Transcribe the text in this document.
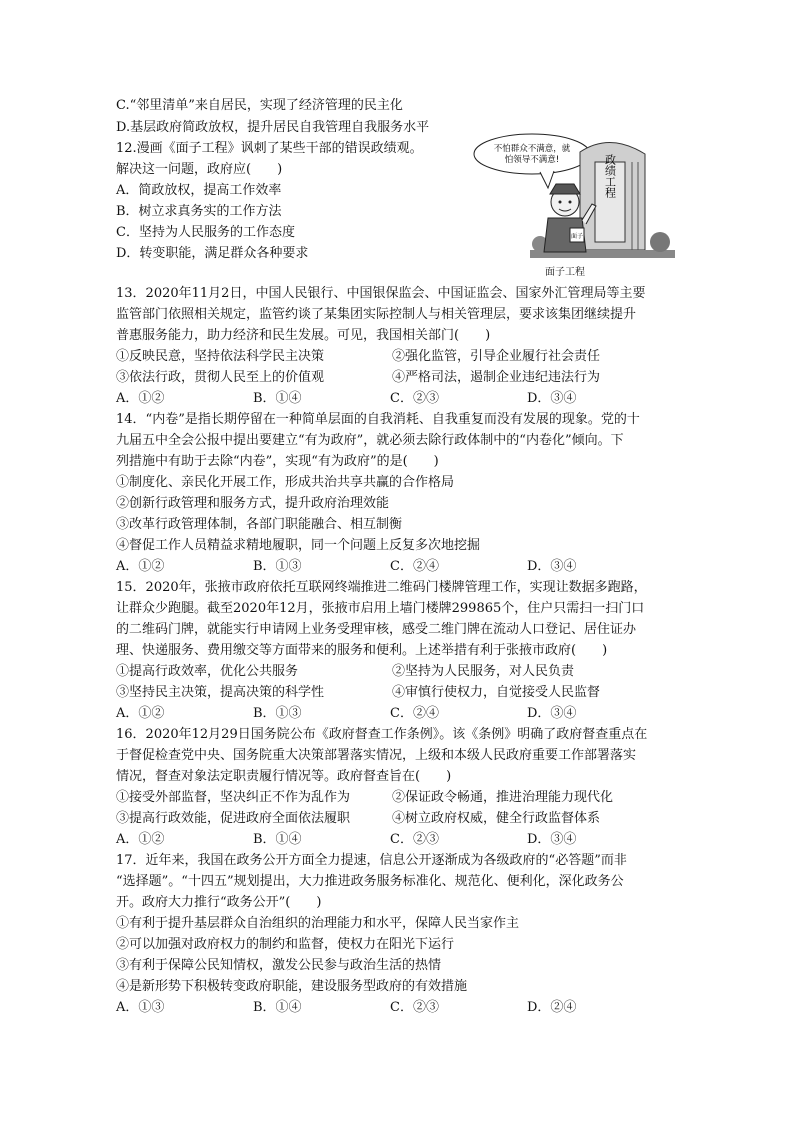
C.“邻里清单”来自居民，实现了经济管理的民主化
D.基层政府简政放权，提升居民自我管理自我服务水平
12.漫画《面子工程》讽刺了某些干部的错误政绩观。
解决这一问题，政府应(　　)
A．简政放权，提高工作效率
B．树立求真务实的工作方法
C．坚持为人民服务的工作态度
D．转变职能，满足群众各种要求
不怕群众不满意，就
怕领导不满意!	政绩工程
面子
面子工程
13．2020年11月2日，中国人民银行、中国银保监会、中国证监会、国家外汇管理局等主要
监管部门依照相关规定，监管约谈了某集团实际控制人与相关管理层，要求该集团继续提升
普惠服务能力，助力经济和民生发展。可见，我国相关部门(　　)
①反映民意，坚持依法科学民主决策	②强化监管，引导企业履行社会责任
③依法行政，贯彻人民至上的价值观	④严格司法，遏制企业违纪违法行为
A．①②	B．①④	C．②③	D．③④
14．“内卷”是指长期停留在一种简单层面的自我消耗、自我重复而没有发展的现象。党的十
九届五中全会公报中提出要建立“有为政府”，就必须去除行政体制中的“内卷化”倾向。下
列措施中有助于去除“内卷”，实现“有为政府”的是(　　)
①制度化、亲民化开展工作，形成共治共享共赢的合作格局
②创新行政管理和服务方式，提升政府治理效能
③改革行政管理体制，各部门职能融合、相互制衡
④督促工作人员精益求精地履职，同一个问题上反复多次地挖掘
A．①②	B．①③	C．②④	D．③④
15．2020年，张掖市政府依托互联网终端推进二维码门楼牌管理工作，实现让数据多跑路，
让群众少跑腿。截至2020年12月，张掖市启用上墙门楼牌299865个，住户只需扫一扫门口
的二维码门牌，就能实行申请网上业务受理审核，感受二维门牌在流动人口登记、居住证办
理、快递服务、费用缴交等方面带来的服务和便利。上述举措有利于张掖市政府(　　)
①提高行政效率，优化公共服务	②坚持为人民服务，对人民负责
③坚持民主决策，提高决策的科学性	④审慎行使权力，自觉接受人民监督
A．①②	B．①③	C．②④	D．③④
16．2020年12月29日国务院公布《政府督查工作条例》。该《条例》明确了政府督查重点在
于督促检查党中央、国务院重大决策部署落实情况，上级和本级人民政府重要工作部署落实
情况，督查对象法定职责履行情况等。政府督查旨在(　　)
①接受外部监督，坚决纠正不作为乱作为	②保证政令畅通，推进治理能力现代化
③提高行政效能，促进政府全面依法履职	④树立政府权威，健全行政监督体系
A．①②	B．①④	C．②③	D．③④
17．近年来，我国在政务公开方面全力提速，信息公开逐渐成为各级政府的“必答题”而非
“选择题”。“十四五”规划提出，大力推进政务服务标准化、规范化、便利化，深化政务公
开。政府大力推行“政务公开”(　　)
①有利于提升基层群众自治组织的治理能力和水平，保障人民当家作主
②可以加强对政府权力的制约和监督，使权力在阳光下运行
③有利于保障公民知情权，激发公民参与政治生活的热情
④是新形势下积极转变政府职能，建设服务型政府的有效措施
A．①③	B．①④	C．②③	D．②④
